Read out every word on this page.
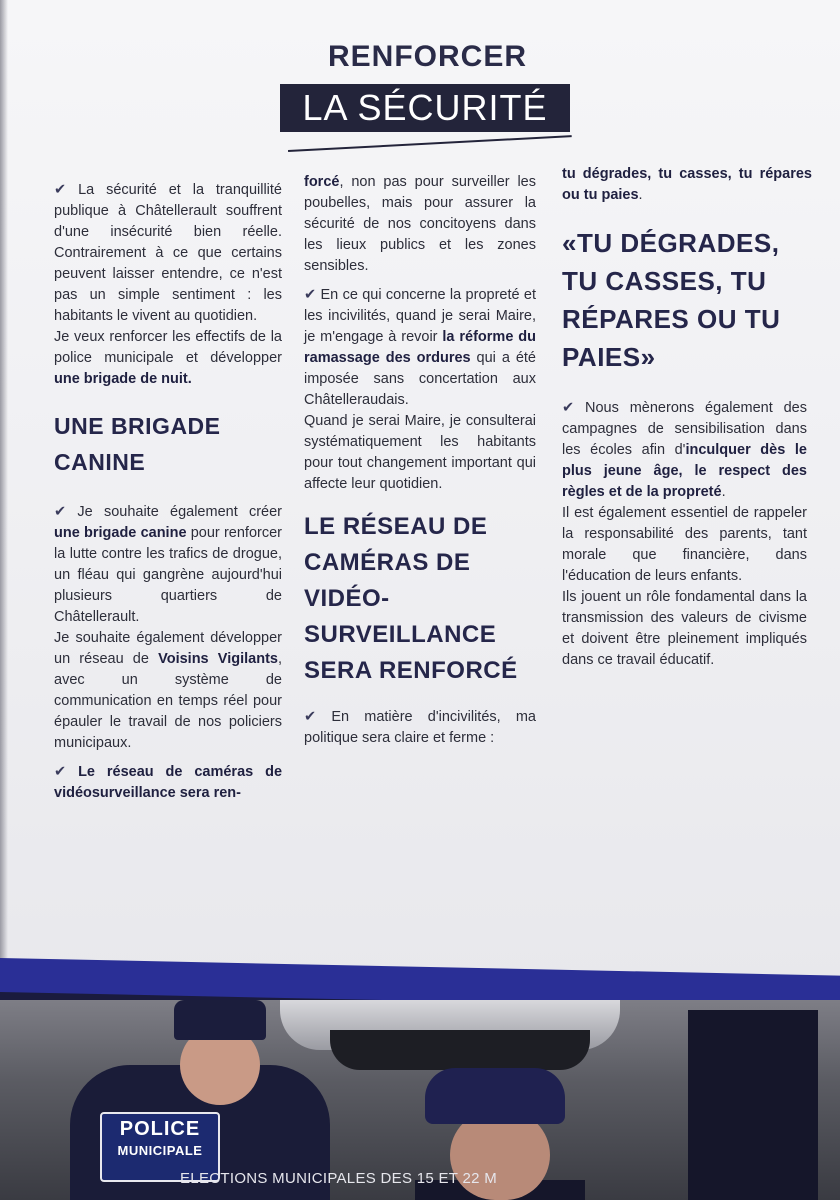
RENFORCER
LA SÉCURITÉ

✔ La sécurité et la tranquillité publique à Châtellerault souffrent d'une insécurité bien réelle. Contrairement à ce que certains peuvent laisser entendre, ce n'est pas un simple sentiment : les habitants le vivent au quotidien.

Je veux renforcer les effectifs de la police municipale et développer une brigade de nuit.

UNE BRIGADE CANINE

✔ Je souhaite également créer une brigade canine pour renforcer la lutte contre les trafics de drogue, un fléau qui gangrène aujourd'hui plusieurs quartiers de Châtellerault.

Je souhaite également développer un réseau de Voisins Vigilants, avec un système de communication en temps réel pour épauler le travail de nos policiers municipaux.

✔ Le réseau de caméras de vidéosurveillance sera ren-

forcé, non pas pour surveiller les poubelles, mais pour assurer la sécurité de nos concitoyens dans les lieux publics et les zones sensibles.

✔ En ce qui concerne la propreté et les incivilités, quand je serai Maire, je m'engage à revoir la réforme du ramassage des ordures qui a été imposée sans concertation aux Châtelleraudais.

Quand je serai Maire, je consulterai systématiquement les habitants pour tout changement important qui affecte leur quotidien.

LE RÉSEAU DE CAMÉRAS DE VIDÉO-SURVEILLANCE SERA RENFORCÉ

✔ En matière d'incivilités, ma politique sera claire et ferme :

tu dégrades, tu casses, tu répares ou tu paies.

«TU DÉGRADES, TU CASSES, TU RÉPARES OU TU PAIES»

✔ Nous mènerons également des campagnes de sensibilisation dans les écoles afin d'inculquer dès le plus jeune âge, le respect des règles et de la propreté.

Il est également essentiel de rappeler la responsabilité des parents, tant morale que financière, dans l'éducation de leurs enfants.

Ils jouent un rôle fondamental dans la transmission des valeurs de civisme et doivent être pleinement impliqués dans ce travail éducatif.

POLICE
MUNICIPALE
ELECTIONS MUNICIPALES DES 15 ET 22 M
